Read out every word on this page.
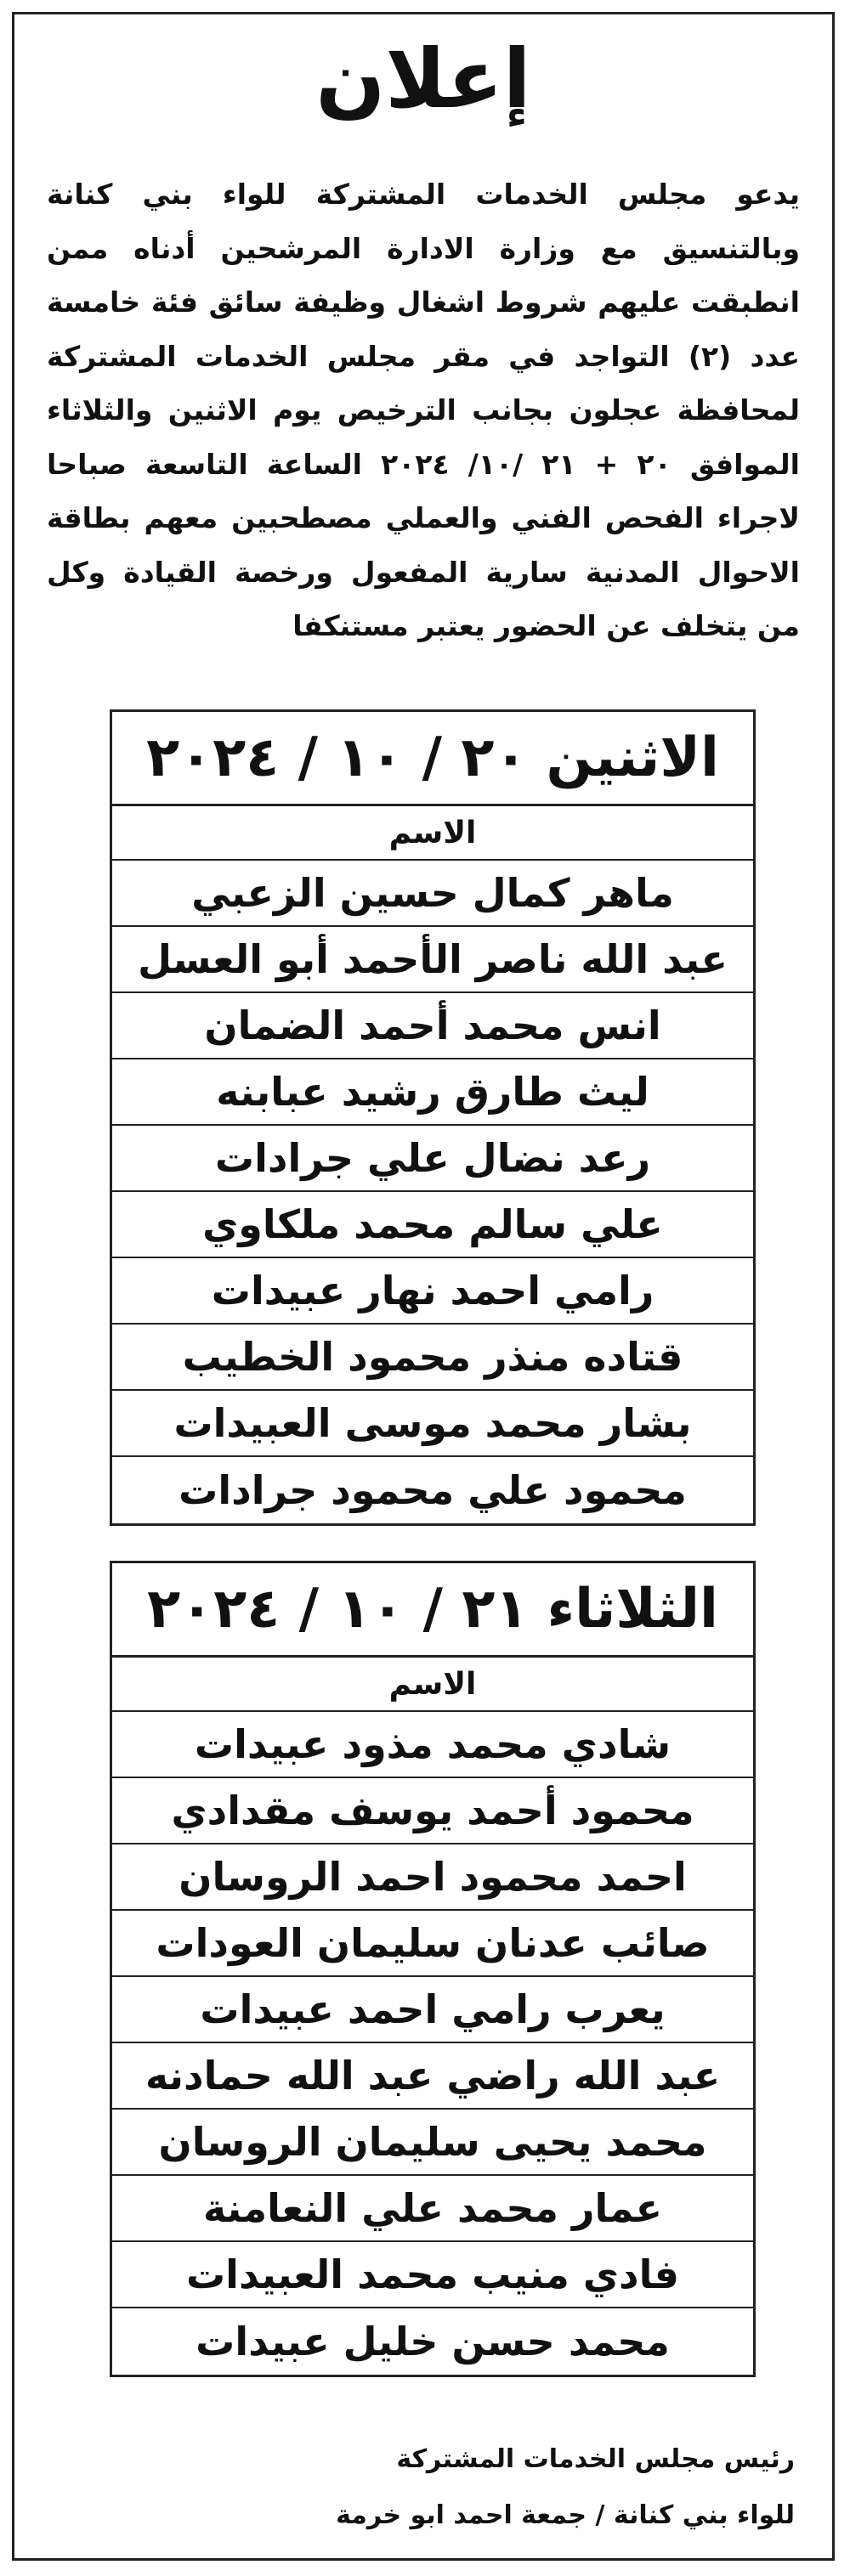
إعلان
يدعو مجلس الخدمات المشتركة للواء بني كنانة وبالتنسيق مع وزارة الادارة المرشحين أدناه ممن انطبقت عليهم شروط اشغال وظيفة سائق فئة خامسة عدد (٢) التواجد في مقر مجلس الخدمات المشتركة لمحافظة عجلون بجانب الترخيص يوم الاثنين والثلاثاء الموافق ٢٠ + ٢١ /١٠/ ٢٠٢٤ الساعة التاسعة صباحا لاجراء الفحص الفني والعملي مصطحبين معهم بطاقة الاحوال المدنية سارية المفعول ورخصة القيادة وكل من يتخلف عن الحضور يعتبر مستنكفا
الاثنين
٢٠ / ١٠ / ٢٠٢٤
الاسم
ماهر كمال حسين الزعبي
عبد الله ناصر الأحمد أبو العسل
انس محمد أحمد الضمان
ليث طارق رشيد عبابنه
رعد نضال علي جرادات
علي سالم محمد ملكاوي
رامي احمد نهار عبيدات
قتاده منذر محمود الخطيب
بشار محمد موسى العبيدات
محمود علي محمود جرادات
الثلاثاء
٢١ / ١٠ / ٢٠٢٤
الاسم
شادي محمد مذود عبيدات
محمود أحمد يوسف مقدادي
احمد محمود احمد الروسان
صائب عدنان سليمان العودات
يعرب رامي احمد عبيدات
عبد الله راضي عبد الله حمادنه
محمد يحيى سليمان الروسان
عمار محمد علي النعامنة
فادي منيب محمد العبيدات
محمد حسن خليل عبيدات
رئيس مجلس الخدمات المشتركة
للواء بني كنانة / جمعة احمد ابو خرمة
